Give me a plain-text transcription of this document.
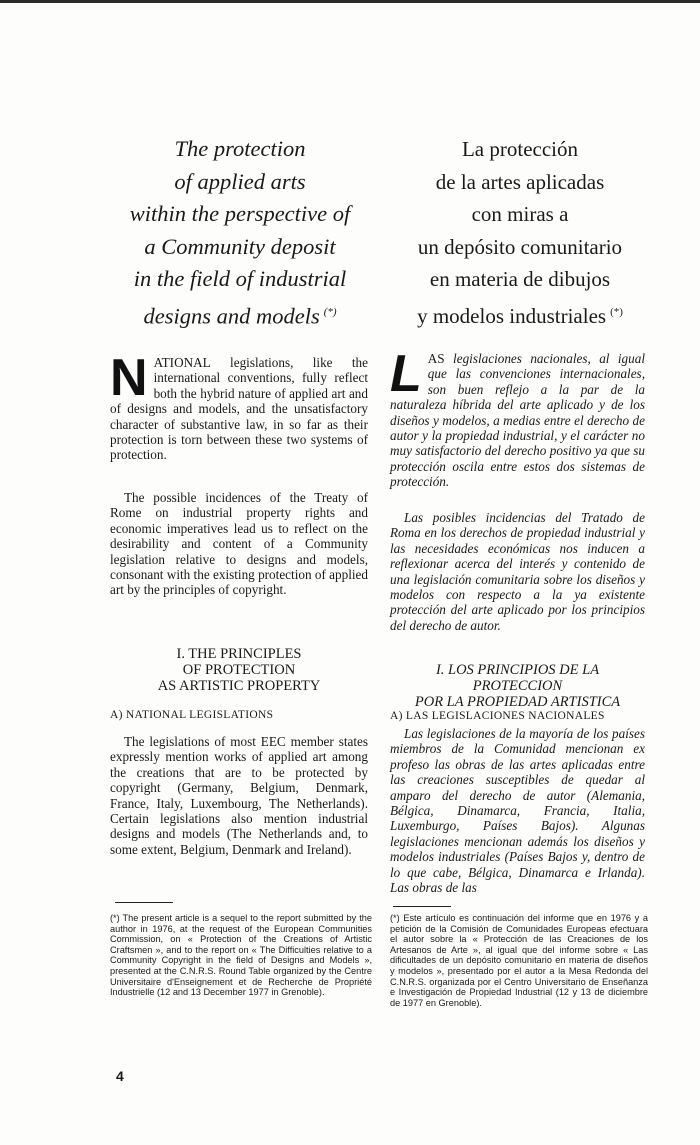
The protection
of applied arts
within the perspective of
a Community deposit
in the field of industrial
designs and models (*)
La protección
de la artes aplicadas
con miras a
un depósito comunitario
en materia de dibujos
y modelos industriales (*)
NATIONAL legislations, like the international conventions, fully reflect both the hybrid nature of applied art and of designs and models, and the unsatisfactory character of substantive law, in so far as their protection is torn between these two systems of protection.
The possible incidences of the Treaty of Rome on industrial property rights and economic imperatives lead us to reflect on the desirability and content of a Community legislation relative to designs and models, consonant with the existing protection of applied art by the principles of copyright.
I. THE PRINCIPLES
OF PROTECTION
AS ARTISTIC PROPERTY
A) NATIONAL LEGISLATIONS
The legislations of most EEC member states expressly mention works of applied art among the creations that are to be protected by copyright (Germany, Belgium, Denmark, France, Italy, Luxembourg, The Netherlands). Certain legislations also mention industrial designs and models (The Netherlands and, to some extent, Belgium, Denmark and Ireland).
(*) The present article is a sequel to the report submitted by the author in 1976, at the request of the European Communities Commission, on « Protection of the Creations of Artistic Craftsmen », and to the report on « The Difficulties relative to a Community Copyright in the field of Designs and Models », presented at the C.N.R.S. Round Table organized by the Centre Universitaire d'Enseignement et de Recherche de Propriété Industrielle (12 and 13 December 1977 in Grenoble).
LAS legislaciones nacionales, al igual que las convenciones internacionales, son buen reflejo a la par de la naturaleza híbrida del arte aplicado y de los diseños y modelos, a medias entre el derecho de autor y la propiedad industrial, y el carácter no muy satisfactorio del derecho positivo ya que su protección oscila entre estos dos sistemas de protección.
Las posibles incidencias del Tratado de Roma en los derechos de propiedad industrial y las necesidades económicas nos inducen a reflexionar acerca del interés y contenido de una legislación comunitaria sobre los diseños y modelos con respecto a la ya existente protección del arte aplicado por los principios del derecho de autor.
I. LOS PRINCIPIOS DE LA
PROTECCION
POR LA PROPIEDAD ARTISTICA
A) LAS LEGISLACIONES NACIONALES
Las legislaciones de la mayoría de los países miembros de la Comunidad mencionan ex profeso las obras de las artes aplicadas entre las creaciones susceptibles de quedar al amparo del derecho de autor (Alemania, Bélgica, Dinamarca, Francia, Italia, Luxemburgo, Países Bajos). Algunas legislaciones mencionan además los diseños y modelos industriales (Países Bajos y, dentro de lo que cabe, Bélgica, Dinamarca e Irlanda). Las obras de las
(*) Este artículo es continuación del informe que en 1976 y a petición de la Comisión de Comunidades Europeas efectuara el autor sobre la « Protección de las Creaciones de los Artesanos de Arte », al igual que del informe sobre « Las dificultades de un depósito comunitario en materia de diseños y modelos », presentado por el autor a la Mesa Redonda del C.N.R.S. organizada por el Centro Universitario de Enseñanza e Investigación de Propiedad Industrial (12 y 13 de diciembre de 1977 en Grenoble).
4
